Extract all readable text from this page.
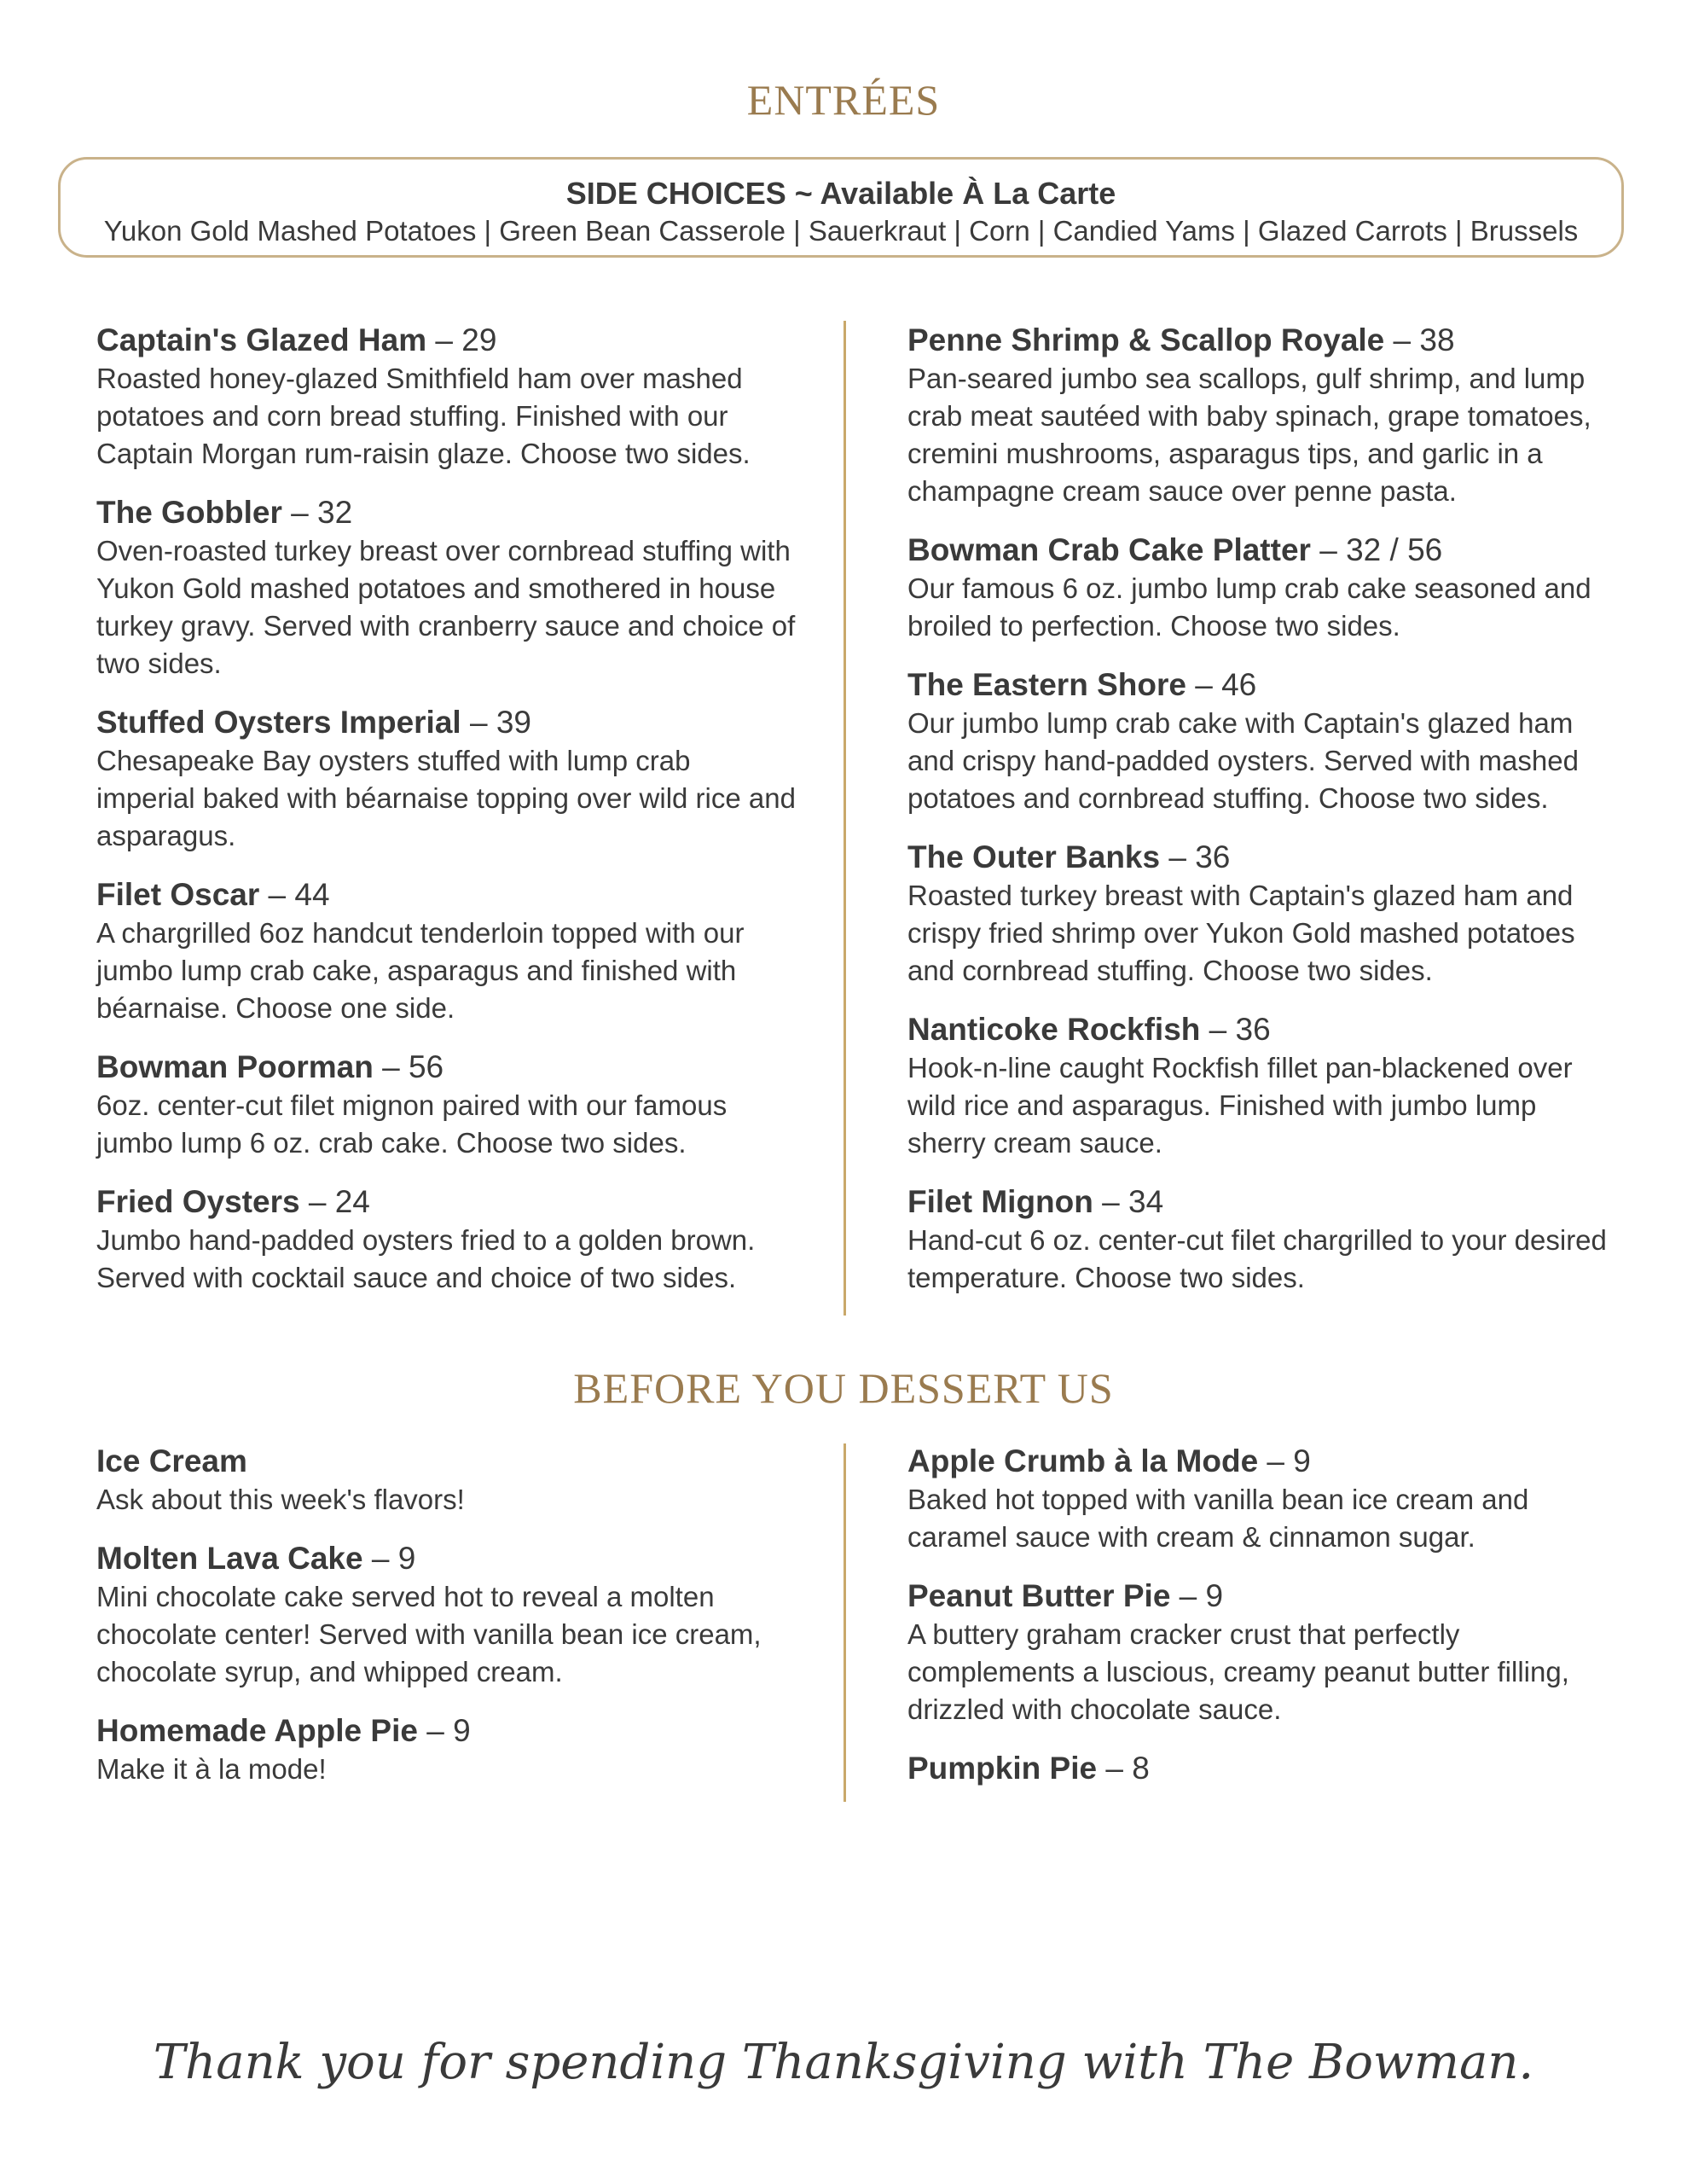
ENTRÉES
SIDE CHOICES ~ Available À La Carte
Yukon Gold Mashed Potatoes | Green Bean Casserole | Sauerkraut | Corn | Candied Yams | Glazed Carrots | Brussels
Captain's Glazed Ham – 29
Roasted honey-glazed Smithfield ham over mashed potatoes and corn bread stuffing. Finished with our Captain Morgan rum-raisin glaze. Choose two sides.
The Gobbler – 32
Oven-roasted turkey breast over cornbread stuffing with Yukon Gold mashed potatoes and smothered in house turkey gravy. Served with cranberry sauce and choice of two sides.
Stuffed Oysters Imperial – 39
Chesapeake Bay oysters stuffed with lump crab imperial baked with béarnaise topping over wild rice and asparagus.
Filet Oscar – 44
A chargrilled 6oz handcut tenderloin topped with our jumbo lump crab cake, asparagus and finished with béarnaise. Choose one side.
Bowman Poorman – 56
6oz. center-cut filet mignon paired with our famous jumbo lump 6 oz. crab cake. Choose two sides.
Fried Oysters – 24
Jumbo hand-padded oysters fried to a golden brown. Served with cocktail sauce and choice of two sides.
Penne Shrimp & Scallop Royale – 38
Pan-seared jumbo sea scallops, gulf shrimp, and lump crab meat sautéed with baby spinach, grape tomatoes, cremini mushrooms, asparagus tips, and garlic in a champagne cream sauce over penne pasta.
Bowman Crab Cake Platter – 32 / 56
Our famous 6 oz. jumbo lump crab cake seasoned and broiled to perfection. Choose two sides.
The Eastern Shore – 46
Our jumbo lump crab cake with Captain's glazed ham and crispy hand-padded oysters. Served with mashed potatoes and cornbread stuffing. Choose two sides.
The Outer Banks – 36
Roasted turkey breast with Captain's glazed ham and crispy fried shrimp over Yukon Gold mashed potatoes and cornbread stuffing. Choose two sides.
Nanticoke Rockfish – 36
Hook-n-line caught Rockfish fillet pan-blackened over wild rice and asparagus. Finished with jumbo lump sherry cream sauce.
Filet Mignon – 34
Hand-cut 6 oz. center-cut filet chargrilled to your desired temperature. Choose two sides.
BEFORE YOU DESSERT US
Ice Cream
Ask about this week's flavors!
Molten Lava Cake – 9
Mini chocolate cake served hot to reveal a molten chocolate center! Served with vanilla bean ice cream, chocolate syrup, and whipped cream.
Homemade Apple Pie – 9
Make it à la mode!
Apple Crumb à la Mode – 9
Baked hot topped with vanilla bean ice cream and caramel sauce with cream & cinnamon sugar.
Peanut Butter Pie – 9
A buttery graham cracker crust that perfectly complements a luscious, creamy peanut butter filling, drizzled with chocolate sauce.
Pumpkin Pie – 8
Thank you for spending Thanksgiving with The Bowman.
